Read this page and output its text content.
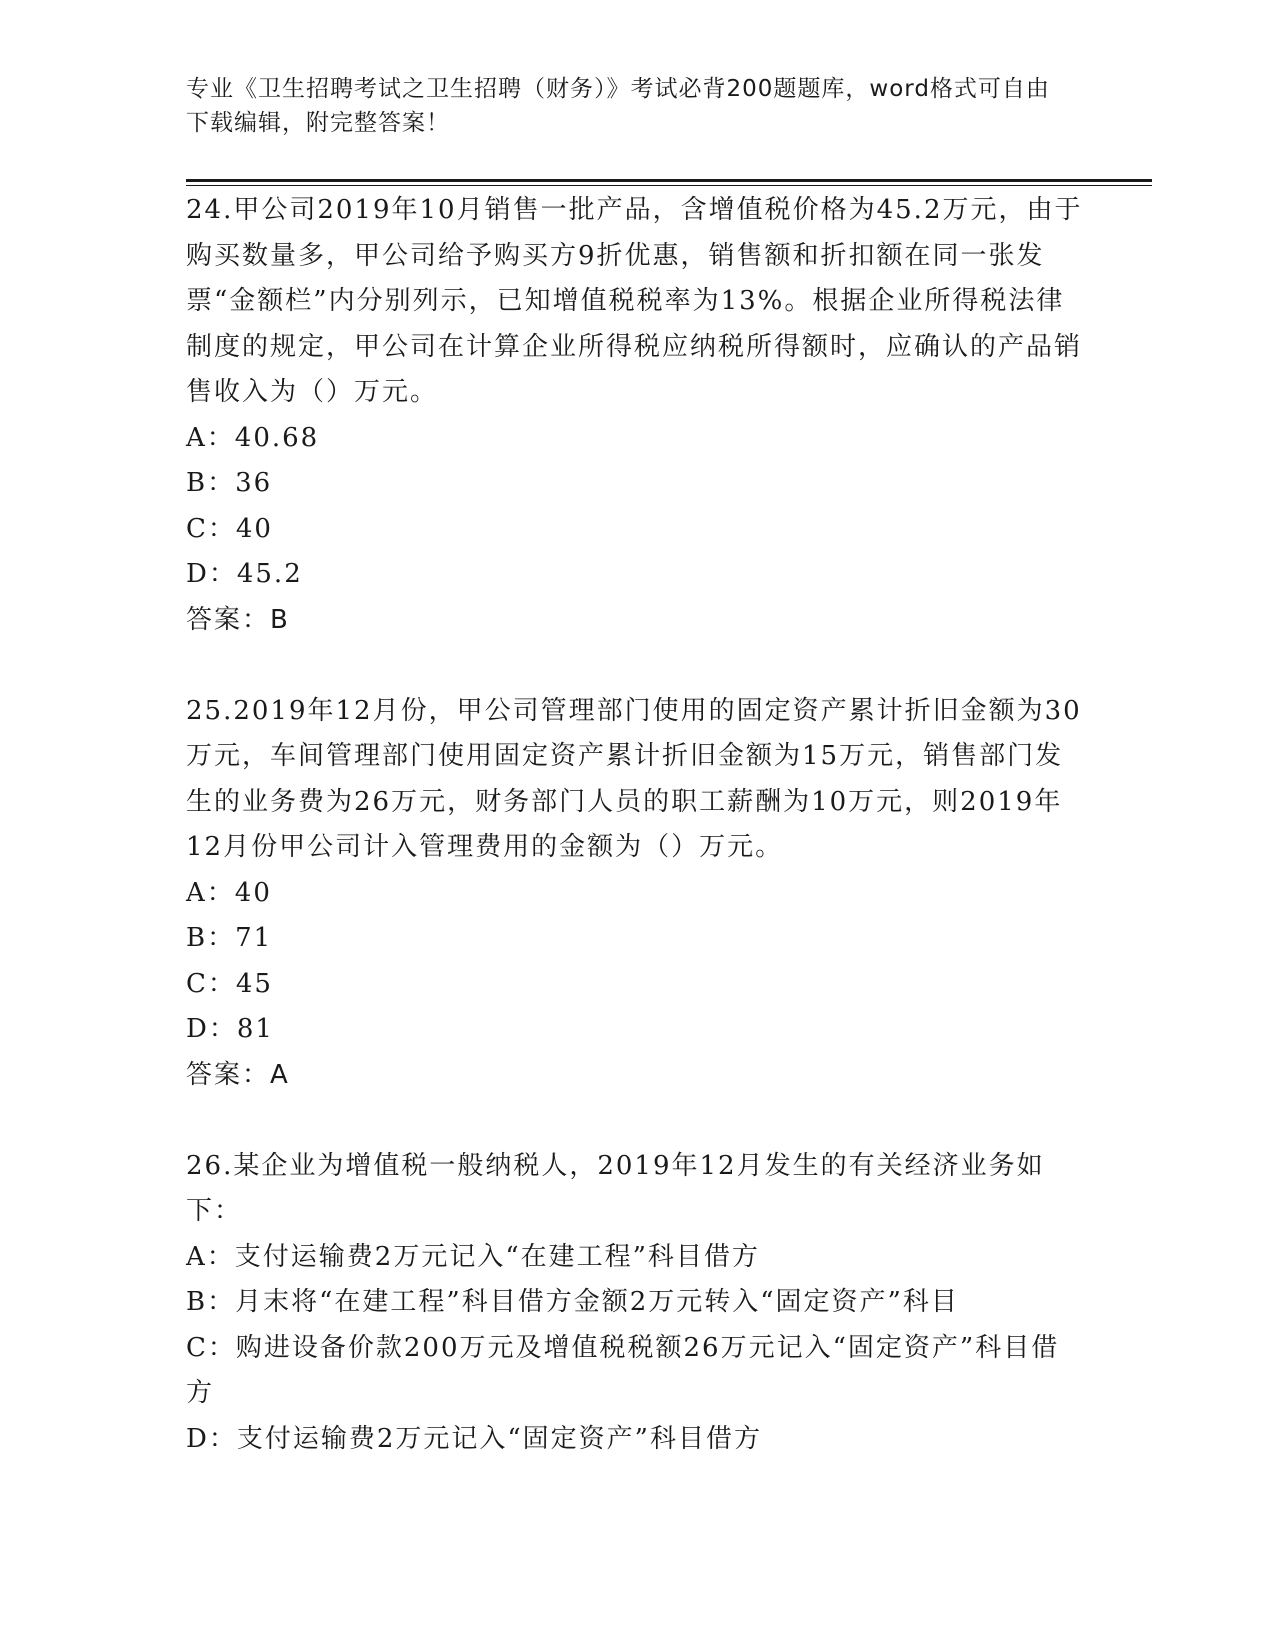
专业《卫生招聘考试之卫生招聘（财务）》考试必背200题题库，word格式可自由下载编辑，附完整答案！

24.甲公司2019年10月销售一批产品，含增值税价格为45.2万元，由于购买数量多，甲公司给予购买方9折优惠，销售额和折扣额在同一张发票“金额栏”内分别列示，已知增值税税率为13%。根据企业所得税法律制度的规定，甲公司在计算企业所得税应纳税所得额时，应确认的产品销售收入为（）万元。

A：40.68

B：36

C：40

D：45.2

答案：B

25.2019年12月份，甲公司管理部门使用的固定资产累计折旧金额为30万元，车间管理部门使用固定资产累计折旧金额为15万元，销售部门发生的业务费为26万元，财务部门人员的职工薪酬为10万元，则2019年12月份甲公司计入管理费用的金额为（）万元。

A：40

B：71

C：45

D：81

答案：A

26.某企业为增值税一般纳税人，2019年12月发生的有关经济业务如下：

A：支付运输费2万元记入“在建工程”科目借方

B：月末将“在建工程”科目借方金额2万元转入“固定资产”科目

C：购进设备价款200万元及增值税税额26万元记入“固定资产”科目借方

D：支付运输费2万元记入“固定资产”科目借方
